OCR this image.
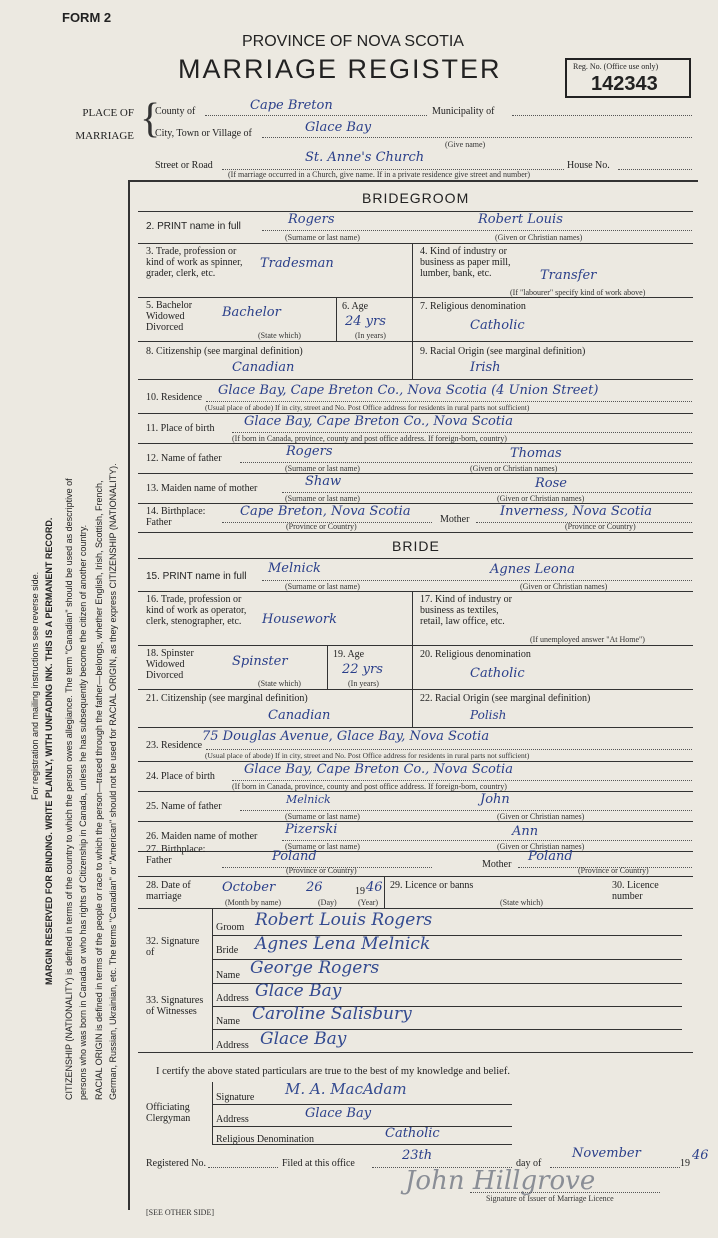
FORM 2
PROVINCE OF NOVA SCOTIA
MARRIAGE REGISTER	Reg. No. (Office use only)
142343
PLACE OF
MARRIAGE {
County of	Cape Breton	Municipality of
City, Town or Village of	Glace Bay
(Give name)
Street or Road
St. Anne's Church
House No.
(If marriage occurred in a Church, give name. If in a private residence give street and number)
For registration and mailing instructions see reverse side. MARGIN RESERVED FOR BINDING. WRITE PLAINLY, WITH UNFADING INK. THIS IS A PERMANENT RECORD. CITIZENSHIP (NATIONALITY) is defined in terms of the country to which the person owes allegiance. The term "Canadian" should be used as descriptive of persons who was born in Canada or who has rights of Citizenship in Canada, unless he has subsequently become the citizen of another country. RACIAL ORIGIN is defined in terms of the people or race to which the person—traced through the father—belongs, whether English, Irish, Scottish, French, German, Russian, Ukrainian, etc. The terms "Canadian" or "American" should not be used for RACIAL ORIGIN, as they express CITIZENSHIP (NATIONALITY).
BRIDEGROOM
2. PRINT name in full	Rogers	Robert Louis
(Surname or last name)	(Given or Christian names)
3. Trade, profession or kind of work as spinner, grader, clerk, etc.
Tradesman
4. Kind of industry or business as paper mill, lumber, bank, etc.	Transfer
(If "labourer" specify kind of work above)
5. Bachelor Widowed Divorced
Bachelor
(State which)
6. Age
24 yrs
(In years)
7. Religious denomination
Catholic
8. Citizenship (see marginal definition)
Canadian
9. Racial Origin (see marginal definition)
Irish
10. Residence Glace Bay, Cape Breton Co., Nova Scotia (4 Union Street)
(Usual place of abode) If in city, street and No. Post Office address for residents in rural parts not sufficient)
11. Place of birth Glace Bay, Cape Breton Co., Nova Scotia
(If born in Canada, province, county and post office address. If foreign-born, country)
12. Name of father	Rogers	Thomas
(Surname or last name)	(Given or Christian names)
13. Maiden name of mother	Shaw	Rose
(Surname or last name)	(Given or Christian names)
14. Birthplace: Father
Cape Breton, Nova Scotia
(Province or Country)
Mother
Inverness, Nova Scotia
(Province or Country)
BRIDE
15. PRINT name in full
Melnick	Agnes Leona
(Surname or last name)	(Given or Christian names)
16. Trade, profession or kind of work as operator, clerk, stenographer, etc.	Housework
17. Kind of industry or business as textiles, retail, law office, etc.
(If unemployed answer "At Home")
18. Spinster Widowed Divorced
Spinster
(State which)
19. Age
22 yrs
(In years)
20. Religious denomination
Catholic
21. Citizenship (see marginal definition)
Canadian
22. Racial Origin (see marginal definition)
Polish
23. Residence
75 Douglas Avenue, Glace Bay, Nova Scotia
(Usual place of abode) If in city, street and No. Post Office address for residents in rural parts not sufficient)
24. Place of birth Glace Bay, Cape Breton Co., Nova Scotia
(If born in Canada, province, county and post office address. If foreign-born, country)
25. Name of father
Melnick	John
(Surname or last name)	(Given or Christian names)
26. Maiden name of mother Pizerski	Ann
(Surname or last name)	(Given or Christian names)
27. Birthplace: Father	Poland
(Province or Country)
Mother
Poland
(Province or Country)
28. Date of marriage
October 26	19 46
(Month by name)	(Day)	(Year)
29. Licence or banns
(State which)
30. Licence number
32. Signature of
Groom Robert Louis Rogers
Bride Agnes Lena Melnick
33. Signatures of Witnesses
Name George Rogers
Address Glace Bay
Name Caroline Salisbury
Address Glace Bay
I certify the above stated particulars are true to the best of my knowledge and belief.
Officiating Clergyman
Signature M. A. MacAdam
Address	Glace Bay
Religious Denomination	Catholic
Registered No.	Filed at this office
23th
day of
November
19
46
John Hillgrove
Signature of Issuer of Marriage Licence
[SEE OTHER SIDE]
